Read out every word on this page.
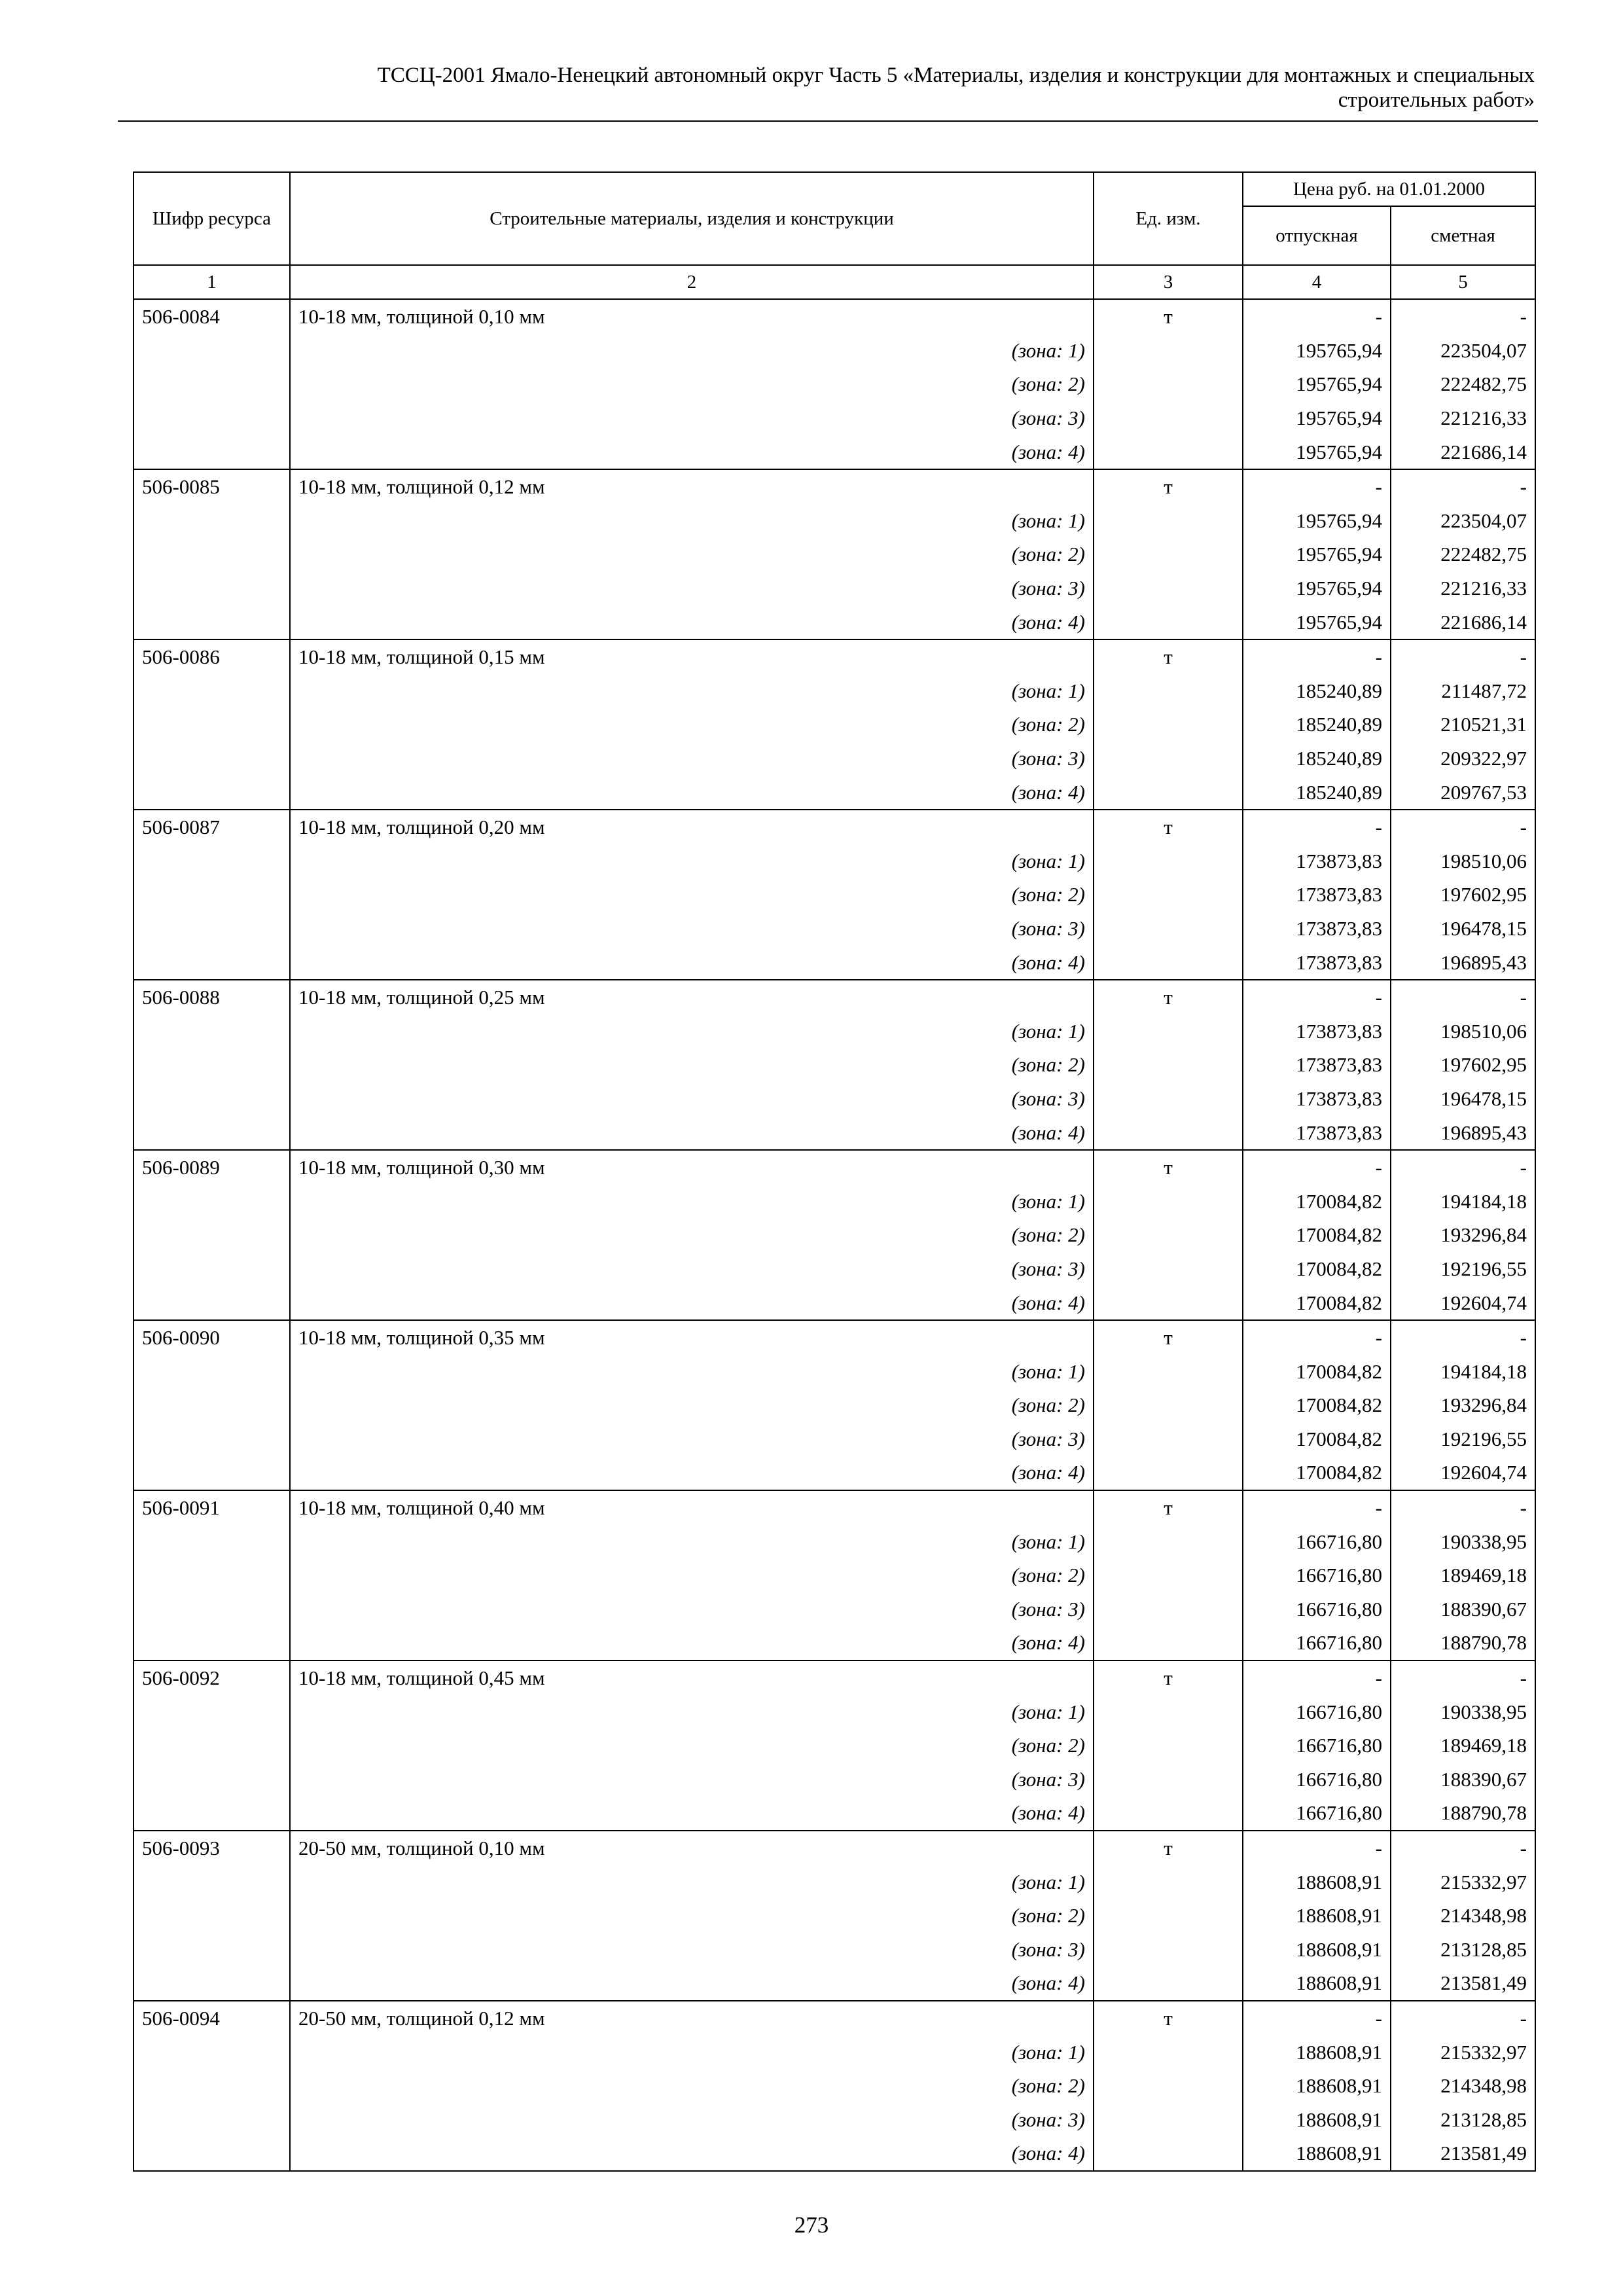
ТССЦ-2001 Ямало-Ненецкий автономный округ Часть 5 «Материалы, изделия и конструкции для монтажных и специальных
строительных работ»
Шифр ресурса	Строительные материалы, изделия и конструкции	Ед. изм.	Цена руб. на 01.01.2000	
			отпускная	сметная
1	2	3	4	5
506-0084	10-18 мм, толщиной 0,10 мм	т	-	-
	(зона: 1)		195765,94	223504,07
	(зона: 2)		195765,94	222482,75
	(зона: 3)		195765,94	221216,33
	(зона: 4)		195765,94	221686,14
506-0085	10-18 мм, толщиной 0,12 мм	т	-	-
	(зона: 1)		195765,94	223504,07
	(зона: 2)		195765,94	222482,75
	(зона: 3)		195765,94	221216,33
	(зона: 4)		195765,94	221686,14
506-0086	10-18 мм, толщиной 0,15 мм	т	-	-
	(зона: 1)		185240,89	211487,72
	(зона: 2)		185240,89	210521,31
	(зона: 3)		185240,89	209322,97
	(зона: 4)		185240,89	209767,53
506-0087	10-18 мм, толщиной 0,20 мм	т	-	-
	(зона: 1)		173873,83	198510,06
	(зона: 2)		173873,83	197602,95
	(зона: 3)		173873,83	196478,15
	(зона: 4)		173873,83	196895,43
506-0088	10-18 мм, толщиной 0,25 мм	т	-	-
	(зона: 1)		173873,83	198510,06
	(зона: 2)		173873,83	197602,95
	(зона: 3)		173873,83	196478,15
	(зона: 4)		173873,83	196895,43
506-0089	10-18 мм, толщиной 0,30 мм	т	-	-
	(зона: 1)		170084,82	194184,18
	(зона: 2)		170084,82	193296,84
	(зона: 3)		170084,82	192196,55
	(зона: 4)		170084,82	192604,74
506-0090	10-18 мм, толщиной 0,35 мм	т	-	-
	(зона: 1)		170084,82	194184,18
	(зона: 2)		170084,82	193296,84
	(зона: 3)		170084,82	192196,55
	(зона: 4)		170084,82	192604,74
506-0091	10-18 мм, толщиной 0,40 мм	т	-	-
	(зона: 1)		166716,80	190338,95
	(зона: 2)		166716,80	189469,18
	(зона: 3)		166716,80	188390,67
	(зона: 4)		166716,80	188790,78
506-0092	10-18 мм, толщиной 0,45 мм	т	-	-
	(зона: 1)		166716,80	190338,95
	(зона: 2)		166716,80	189469,18
	(зона: 3)		166716,80	188390,67
	(зона: 4)		166716,80	188790,78
506-0093	20-50 мм, толщиной 0,10 мм	т	-	-
	(зона: 1)		188608,91	215332,97
	(зона: 2)		188608,91	214348,98
	(зона: 3)		188608,91	213128,85
	(зона: 4)		188608,91	213581,49
506-0094	20-50 мм, толщиной 0,12 мм	т	-	-
	(зона: 1)		188608,91	215332,97
	(зона: 2)		188608,91	214348,98
	(зона: 3)		188608,91	213128,85
	(зона: 4)		188608,91	213581,49
273
